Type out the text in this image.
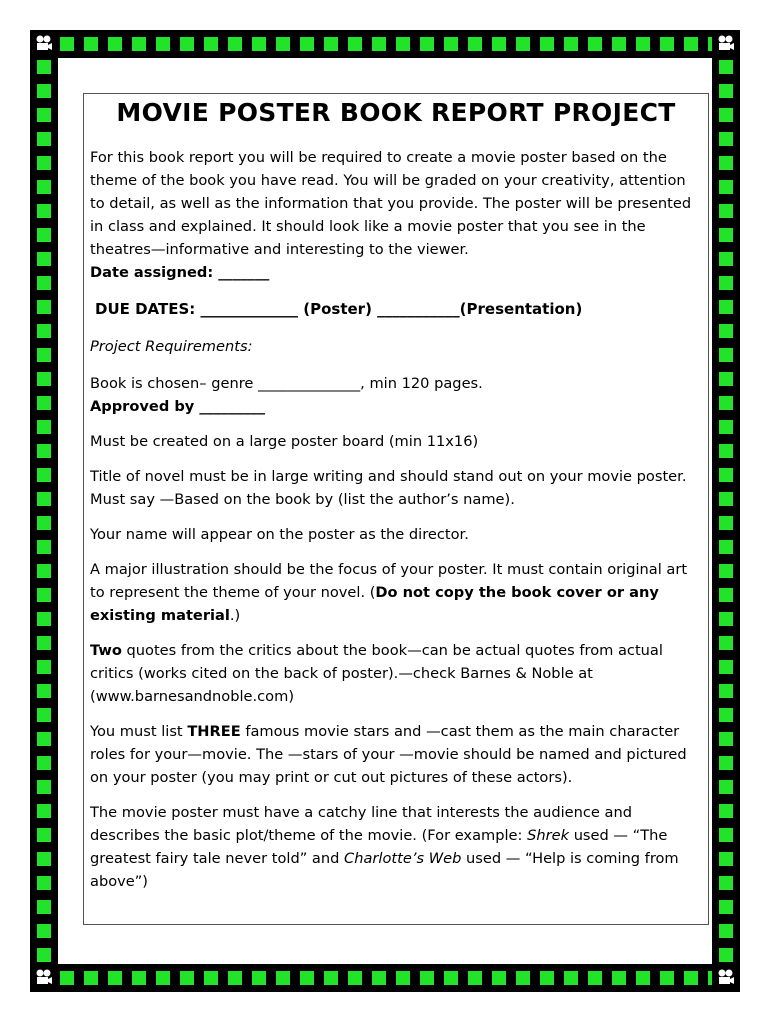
MOVIE POSTER BOOK REPORT PROJECT

For this book report you will be required to create a movie poster based on the theme of the book you have read. You will be graded on your creativity, attention to detail, as well as the information that you provide. The poster will be presented in class and explained. It should look like a movie poster that you see in the theatres—informative and interesting to the viewer.

Date assigned: _______

DUE DATES: _____________ (Poster) ___________(Presentation)

Project Requirements:

Book is chosen– genre ______________, min 120 pages.

Approved by _________

Must be created on a large poster board (min 11x16)

Title of novel must be in large writing and should stand out on your movie poster. Must say —Based on the book by (list the author’s name).

Your name will appear on the poster as the director.

A major illustration should be the focus of your poster. It must contain original art to represent the theme of your novel. (Do not copy the book cover or any existing material.)

Two quotes from the critics about the book—can be actual quotes from actual critics (works cited on the back of poster).—check Barnes & Noble at (www.barnesandnoble.com)

You must list THREE famous movie stars and —cast them as the main character roles for your—movie. The —stars of your —movie should be named and pictured on your poster (you may print or cut out pictures of these actors).

The movie poster must have a catchy line that interests the audience and describes the basic plot/theme of the movie. (For example: Shrek used — “The greatest fairy tale never told” and Charlotte’s Web used — “Help is coming from above”)
